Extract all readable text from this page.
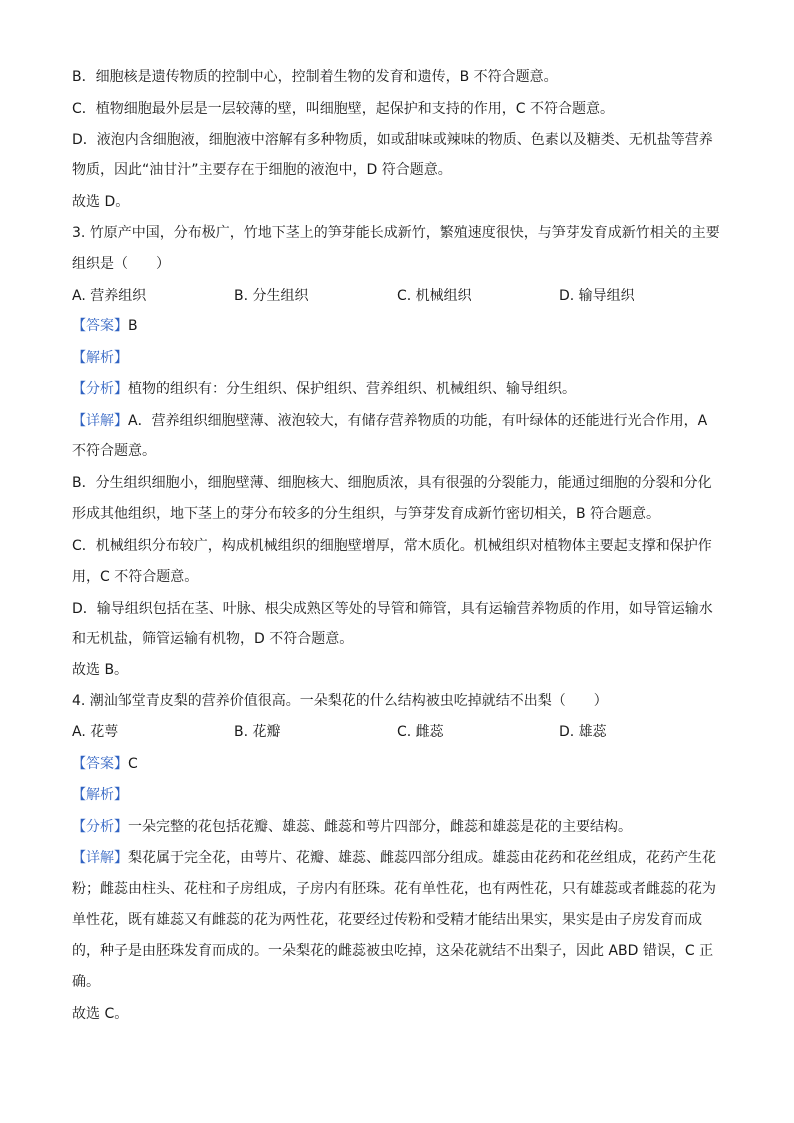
B．细胞核是遗传物质的控制中心，控制着生物的发育和遗传，B 不符合题意。
C．植物细胞最外层是一层较薄的壁，叫细胞壁，起保护和支持的作用，C 不符合题意。
D．液泡内含细胞液，细胞液中溶解有多种物质，如或甜味或辣味的物质、色素以及糖类、无机盐等营养
物质，因此“油甘汁”主要存在于细胞的液泡中，D 符合题意。
故选 D。
3. 竹原产中国，分布极广，竹地下茎上的笋芽能长成新竹，繁殖速度很快，与笋芽发育成新竹相关的主要
组织是（　　）
A. 营养组织	B. 分生组织	C. 机械组织	D. 输导组织
【答案】B
【解析】
【分析】植物的组织有：分生组织、保护组织、营养组织、机械组织、输导组织。
【详解】A．营养组织细胞壁薄、液泡较大，有储存营养物质的功能，有叶绿体的还能进行光合作用，A
不符合题意。
B．分生组织细胞小，细胞壁薄、细胞核大、细胞质浓，具有很强的分裂能力，能通过细胞的分裂和分化
形成其他组织，地下茎上的芽分布较多的分生组织，与笋芽发育成新竹密切相关，B 符合题意。
C．机械组织分布较广，构成机械组织的细胞壁增厚，常木质化。机械组织对植物体主要起支撑和保护作
用，C 不符合题意。
D．输导组织包括在茎、叶脉、根尖成熟区等处的导管和筛管，具有运输营养物质的作用，如导管运输水
和无机盐，筛管运输有机物，D 不符合题意。
故选 B。
4. 潮汕邹堂青皮梨的营养价值很高。一朵梨花的什么结构被虫吃掉就结不出梨（　　）
A. 花萼	B. 花瓣	C. 雌蕊	D. 雄蕊
【答案】C
【解析】
【分析】一朵完整的花包括花瓣、雄蕊、雌蕊和萼片四部分，雌蕊和雄蕊是花的主要结构。
【详解】梨花属于完全花，由萼片、花瓣、雄蕊、雌蕊四部分组成。雄蕊由花药和花丝组成，花药产生花
粉；雌蕊由柱头、花柱和子房组成，子房内有胚珠。花有单性花，也有两性花，只有雄蕊或者雌蕊的花为
单性花，既有雄蕊又有雌蕊的花为两性花，花要经过传粉和受精才能结出果实，果实是由子房发育而成
的，种子是由胚珠发育而成的。一朵梨花的雌蕊被虫吃掉，这朵花就结不出梨子，因此 ABD 错误，C 正
确。
故选 C。
